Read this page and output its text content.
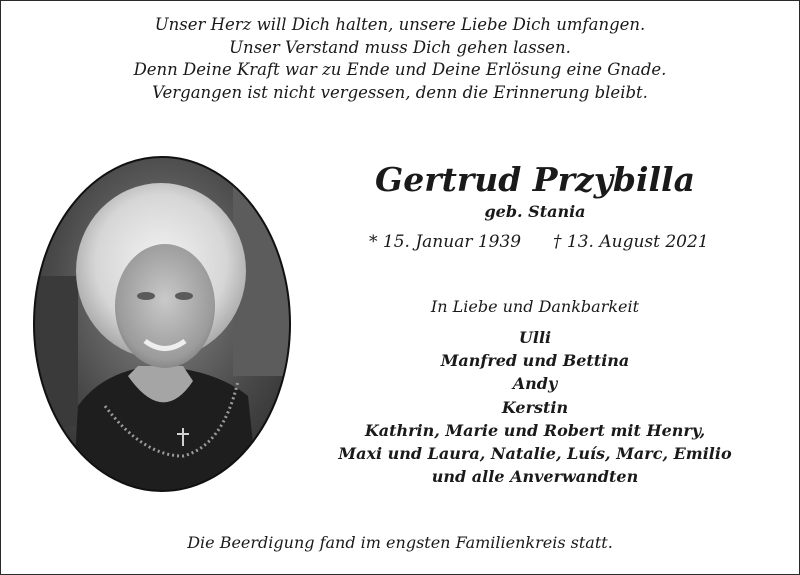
Unser Herz will Dich halten, unsere Liebe Dich umfangen.
Unser Verstand muss Dich gehen lassen.
Denn Deine Kraft war zu Ende und Deine Erlösung eine Gnade.
Vergangen ist nicht vergessen, denn die Erinnerung bleibt.
Gertrud Przybilla
geb. Stania
* 15. Januar 1939 † 13. August 2021
In Liebe und Dankbarkeit
Ulli
Manfred und Bettina
Andy
Kerstin
Kathrin, Marie und Robert mit Henry,
Maxi und Laura, Natalie, Luís, Marc, Emilio
und alle Anverwandten
Die Beerdigung fand im engsten Familienkreis statt.
